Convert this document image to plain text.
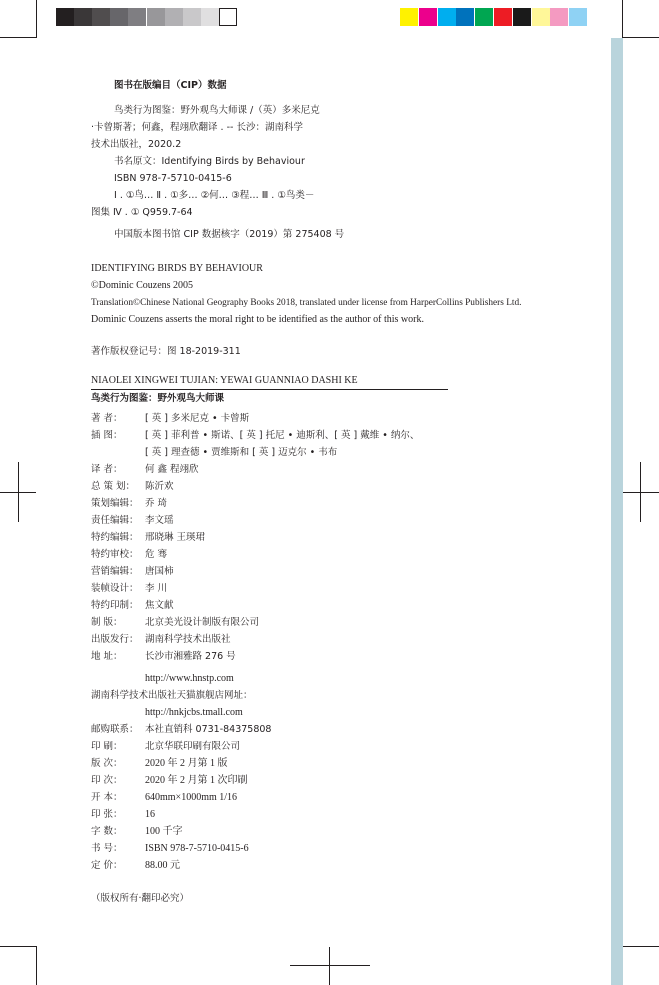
图书在版编目（CIP）数据
鸟类行为图鉴：野外观鸟大师课 /（英）多米尼克
·卡曾斯著；何鑫，程翊欣翻译 . -- 长沙：湖南科学
技术出版社，2020.2
书名原文：Identifying Birds by Behaviour
ISBN 978-7-5710-0415-6
Ⅰ . ①鸟… Ⅱ . ①多… ②何… ③程… Ⅲ . ①鸟类－
图集 Ⅳ . ① Q959.7-64
中国版本图书馆 CIP 数据核字（2019）第 275408 号
IDENTIFYING BIRDS BY BEHAVIOUR
©Dominic Couzens 2005
Translation©Chinese National Geography Books 2018, translated under license from HarperCollins Publishers Ltd.
Dominic Couzens asserts the moral right to be identified as the author of this work.
著作版权登记号：图 18-2019-311
NIAOLEI XINGWEI TUJIAN: YEWAI GUANNIAO DASHI KE
鸟类行为图鉴：野外观鸟大师课
著 者： [ 英 ] 多米尼克 • 卡曾斯
插 图： [ 英 ] 菲利普 • 斯诺、[ 英 ] 托尼 • 迪斯利、[ 英 ] 戴维 • 纳尔、
[ 英 ] 理查德 • 贾维斯和 [ 英 ] 迈克尔 • 韦布
译 者： 何 鑫 程翊欣
总 策 划： 陈沂欢
策划编辑： 乔 琦
责任编辑： 李文瑶
特约编辑： 邢晓琳 王瑛珺
特约审校： 危 骞
营销编辑： 唐国柿
装帧设计： 李 川
特约印制： 焦文献
制 版： 北京美光设计制版有限公司
出版发行： 湖南科学技术出版社
地 址： 长沙市湘雅路 276 号
http://www.hnstp.com
湖南科学技术出版社天猫旗舰店网址：
http://hnkjcbs.tmall.com
邮购联系： 本社直销科 0731-84375808
印 刷： 北京华联印刷有限公司
版 次： 2020 年 2 月第 1 版
印 次： 2020 年 2 月第 1 次印刷
开 本： 640mm×1000mm 1/16
印 张： 16
字 数： 100 千字
书 号： ISBN 978-7-5710-0415-6
定 价： 88.00 元
（版权所有·翻印必究）
